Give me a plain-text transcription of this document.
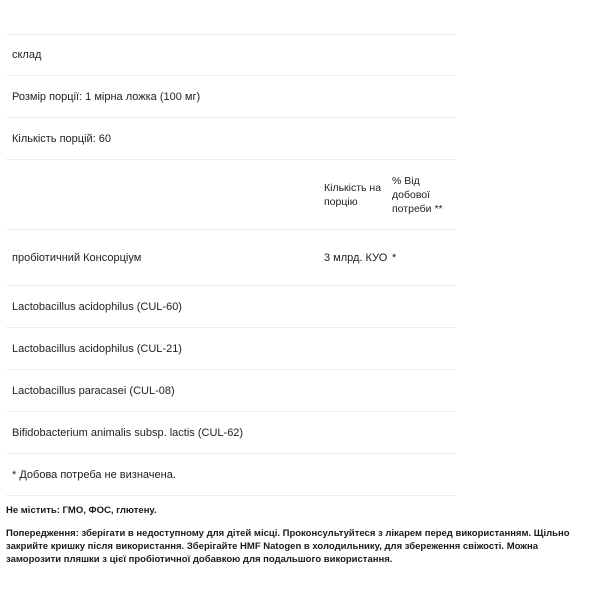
склад
Розмір порції: 1 мірна ложка (100 мг)
Кількість порцій: 60
Кількість на порцію
% Від добової потреби **
пробіотичний Консорціум	3 млрд. КУО *
Lactobacillus acidophilus (CUL-60)
Lactobacillus acidophilus (CUL-21)
Lactobacillus paracasei (CUL-08)
Bifidobacterium animalis subsp. lactis (CUL-62)
* Добова потреба не визначена.
Не містить: ГМО, ФОС, глютену.
Попередження: зберігати в недоступному для дітей місці. Проконсультуйтеся з лікарем перед використанням. Щільно закрийте кришку після використання. Зберігайте HMF Natogen в холодильнику, для збереження свіжості. Можна заморозити пляшки з цієї пробіотичної добавкою для подальшого використання.
